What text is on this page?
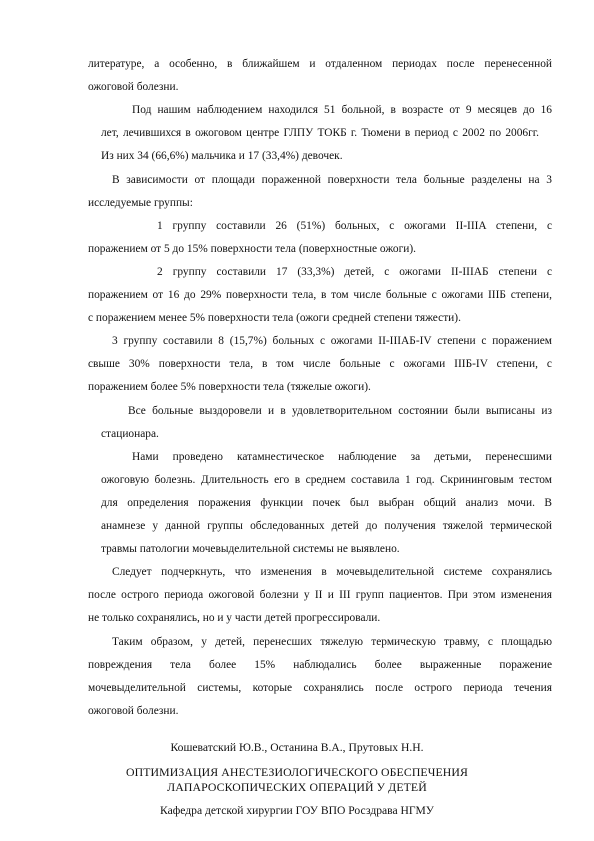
литературе, а особенно, в ближайшем и отдаленном периодах после перенесенной

ожоговой болезни.

Под нашим наблюдением находился 51 больной, в возрасте от 9 месяцев до 16

лет, лечившихся в ожоговом центре ГЛПУ ТОКБ г. Тюмени в период с 2002 по 2006гг.

Из них 34 (66,6%) мальчика и 17 (33,4%) девочек.

В зависимости от площади пораженной поверхности тела больные разделены на 3

исследуемые группы:

1 группу составили 26 (51%) больных, с ожогами II-IIIA степени, с

поражением от 5 до 15% поверхности тела (поверхностные ожоги).

2 группу составили 17 (33,3%) детей, с ожогами II-IIIАБ степени с

поражением от 16 до 29% поверхности тела, в том числе больные с ожогами IIIБ степени,

с поражением менее 5% поверхности тела (ожоги средней степени тяжести).

3 группу составили 8 (15,7%) больных с ожогами II-IIIАБ-IV степени с поражением

свыше 30% поверхности тела, в том числе больные с ожогами IIIБ-IV степени, с

поражением более 5% поверхности тела (тяжелые ожоги).

Все больные выздоровели и в удовлетворительном состоянии были выписаны из

стационара.

Нами проведено катамнестическое наблюдение за детьми, перенесшими

ожоговую болезнь. Длительность его в среднем составила 1 год. Скрининговым тестом

для определения поражения функции почек был выбран общий анализ мочи. В

анамнезе у данной группы обследованных детей до получения тяжелой термической

травмы патологии мочевыделительной системы не выявлено.

Следует подчеркнуть, что изменения в мочевыделительной системе сохранялись

после острого периода ожоговой болезни у II и III групп пациентов. При этом изменения

не только сохранялись, но и у части детей прогрессировали.

Таким образом, у детей, перенесших тяжелую термическую травму, с площадью

повреждения тела более 15% наблюдались более выраженные поражение

мочевыделительной системы, которые сохранялись после острого периода течения

ожоговой болезни.

Кошеватский Ю.В., Останина В.А., Прутовых Н.Н.
ОПТИМИЗАЦИЯ АНЕСТЕЗИОЛОГИЧЕСКОГО ОБЕСПЕЧЕНИЯ
ЛАПАРОСКОПИЧЕСКИХ ОПЕРАЦИЙ У ДЕТЕЙ
Кафедра детской хирургии ГОУ ВПО Росздрава НГМУ
